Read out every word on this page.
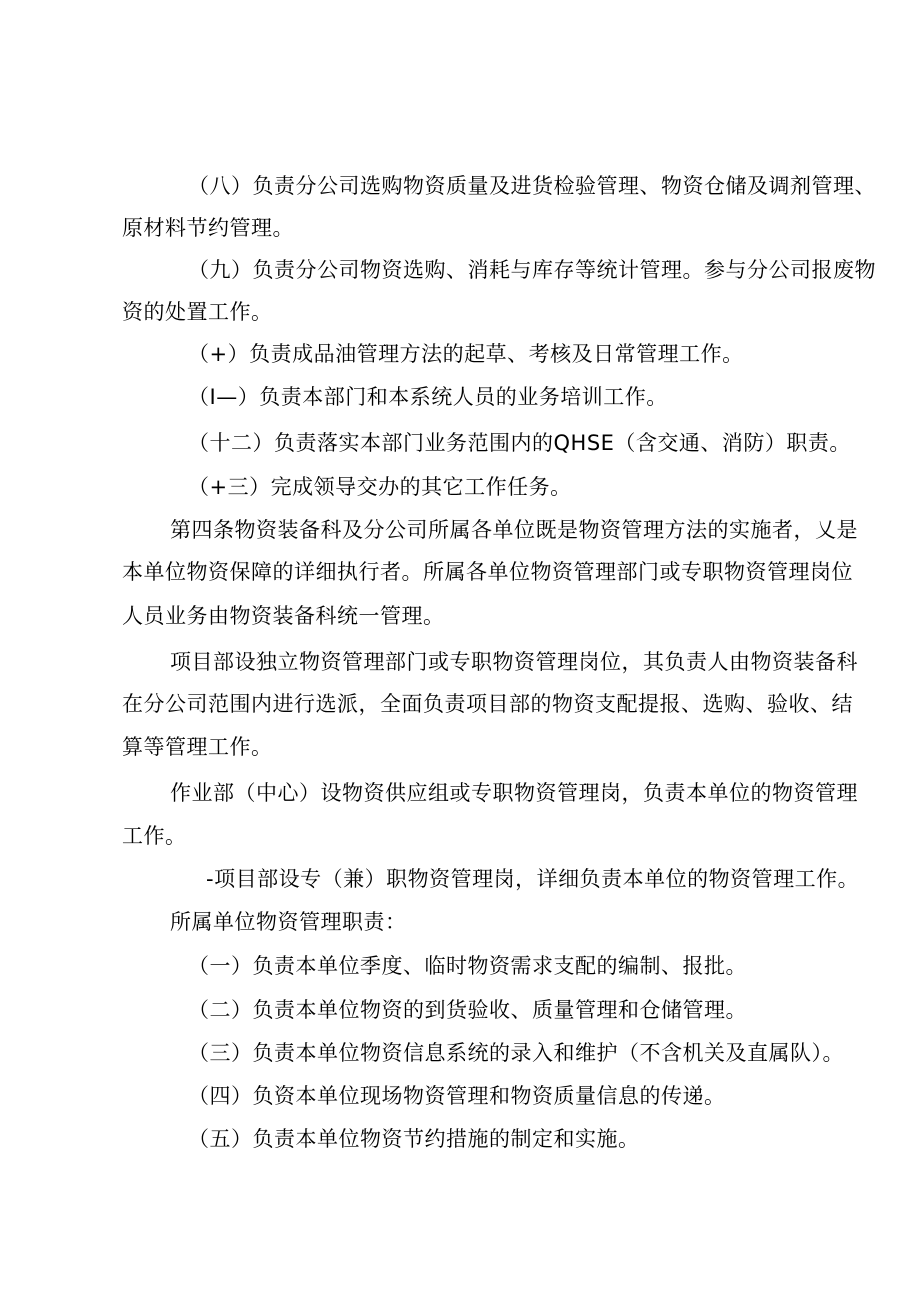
（八）负责分公司选购物资质量及进货检验管理、物资仓储及调剂管理、
原材料节约管理。
（九）负责分公司物资选购、消耗与库存等统计管理。参与分公司报废物
资的处置工作。
（+）负责成品油管理方法的起草、考核及日常管理工作。
（I—）负责本部门和本系统人员的业务培训工作。
（十二）负责落实本部门业务范围内的QHSE（含交通、消防）职责。
（+三）完成领导交办的其它工作任务。
第四条物资装备科及分公司所属各单位既是物资管理方法的实施者，乂是
本单位物资保障的详细执行者。所属各单位物资管理部门或专职物资管理岗位
人员业务由物资装备科统一管理。
项目部设独立物资管理部门或专职物资管理岗位，其负责人由物资装备科
在分公司范围内进行选派，全面负责项目部的物资支配提报、选购、验收、结
算等管理工作。
作业部（中心）设物资供应组或专职物资管理岗，负责本单位的物资管理
工作。
-项目部设专（兼）职物资管理岗，详细负责本单位的物资管理工作。
所属单位物资管理职责：
（一）负责本单位季度、临时物资需求支配的编制、报批。
（二）负责本单位物资的到货验收、质量管理和仓储管理。
（三）负责本单位物资信息系统的录入和维护（不含机关及直属队）。
（四）负资本单位现场物资管理和物资质量信息的传递。
（五）负责本单位物资节约措施的制定和实施。
